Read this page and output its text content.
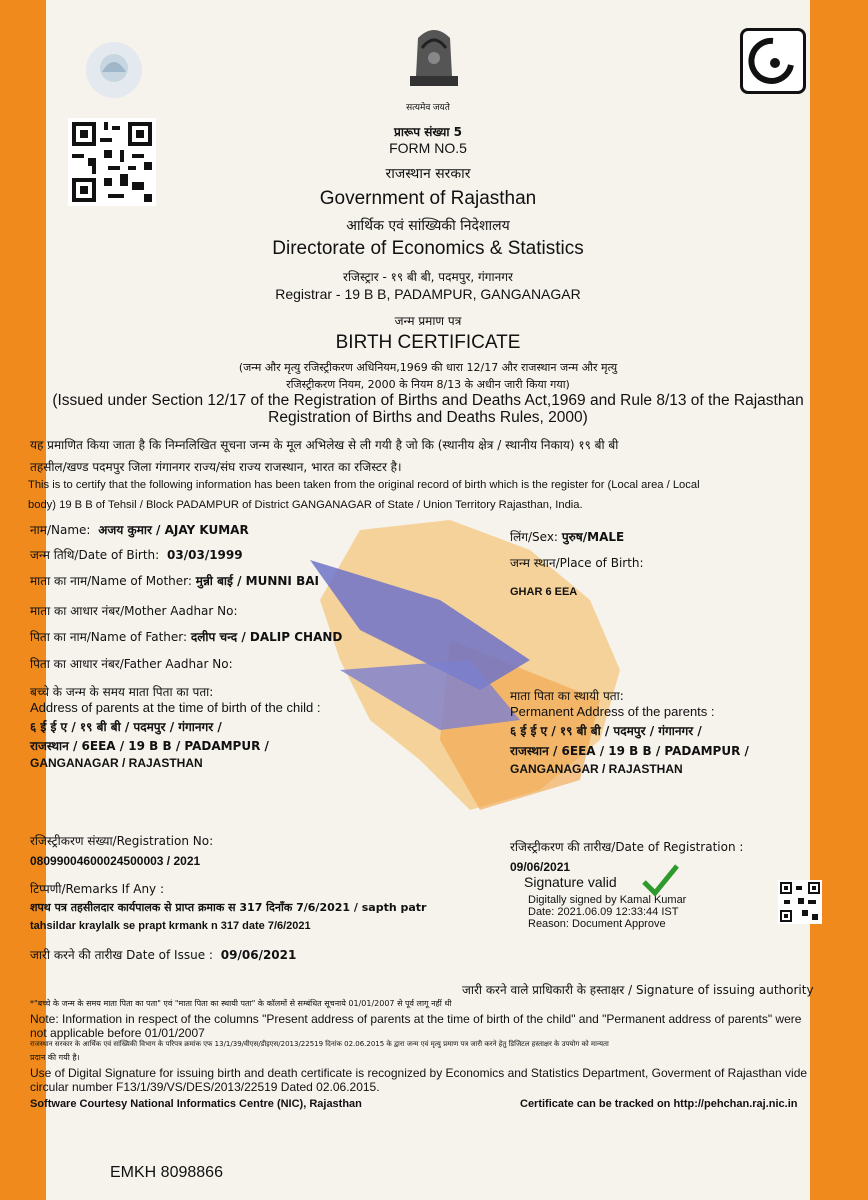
सत्यमेव जयते
प्रारूप संख्या 5
FORM NO.5
राजस्थान सरकार
Government of Rajasthan
आर्थिक एवं सांख्यिकी निदेशालय
Directorate of Economics & Statistics
रजिस्ट्रार - १९ बी बी, पदमपुर, गंगानगर
Registrar - 19 B B, PADAMPUR, GANGANAGAR
जन्म प्रमाण पत्र
BIRTH CERTIFICATE
(जन्म और मृत्यु रजिस्ट्रीकरण अधिनियम,1969 की धारा 12/17 और राजस्थान जन्म और मृत्यु
रजिस्ट्रीकरण नियम, 2000 के नियम 8/13 के अधीन जारी किया गया)
(Issued under Section 12/17 of the Registration of Births and Deaths Act,1969 and Rule 8/13 of the Rajasthan
Registration of Births and Deaths Rules, 2000)
यह प्रमाणित किया जाता है कि निम्नलिखित सूचना जन्म के मूल अभिलेख से ली गयी है जो कि (स्थानीय क्षेत्र / स्थानीय निकाय) १९ बी बी
तहसील/खण्ड पदमपुर जिला गंगानगर राज्य/संघ राज्य राजस्थान, भारत का रजिस्टर है।
This is to certify that the following information has been taken from the original record of birth which is the register for (Local area / Local
body) 19 B B of Tehsil / Block PADAMPUR of District GANGANAGAR of State / Union Territory Rajasthan, India.
नाम/Name: अजय कुमार / AJAY KUMAR
जन्म तिथि/Date of Birth: 03/03/1999
माता का नाम/Name of Mother: मुन्नी बाई / MUNNI BAI
माता का आधार नंबर/Mother Aadhar No:
पिता का नाम/Name of Father: दलीप चन्द / DALIP CHAND
पिता का आधार नंबर/Father Aadhar No:
बच्चे के जन्म के समय माता पिता का पता:
Address of parents at the time of birth of the child :
६ ई ई ए / १९ बी बी / पदमपुर / गंगानगर /
राजस्थान / 6EEA / 19 B B / PADAMPUR /
GANGANAGAR / RAJASTHAN
लिंग/Sex: पुरुष/MALE
जन्म स्थान/Place of Birth:
GHAR 6 EEA
माता पिता का स्थायी पता:
Permanent Address of the parents :
६ ई ई ए / १९ बी बी / पदमपुर / गंगानगर /
राजस्थान / 6EEA / 19 B B / PADAMPUR /
GANGANAGAR / RAJASTHAN
रजिस्ट्रीकरण संख्या/Registration No:
08099004600024500003 / 2021
रजिस्ट्रीकरण की तारीख/Date of Registration :
09/06/2021
टिप्पणी/Remarks If Any :
शपथ पत्र तहसीलदार कार्यपालक से प्राप्त क्रमाक स 317 दिनाँक 7/6/2021 / sapth patr
tahsildar kraylalk se prapt krmank n 317 date 7/6/2021
जारी करने की तारीख Date of Issue : 09/06/2021
Signature valid
Digitally signed by Kamal Kumar
Date: 2021.06.09 12:33:44 IST
Reason: Document Approve
जारी करने वाले प्राधिकारी के हस्ताक्षर / Signature of issuing authority
*"बच्चे के जन्म के समय माता पिता का पता" एवं "माता पिता का स्थायी पता" के कॉलमों से सम्बंधित सूचनाये 01/01/2007 से पूर्व लागू नहीं थी
Note: Information in respect of the columns "Present address of parents at the time of birth of the child" and "Permanent address of parents" were
not applicable before 01/01/2007
राजस्थान सरकार के आर्थिक एवं सांख्यिकी विभाग के परिपत्र क्रमांक एफ 13/1/39/वीएस/डीइएस/2013/22519 दिनांक 02.06.2015 के द्वारा जन्म एवं मृत्यु प्रमाण पत्र जारी करने हेतु डिजिटल हस्ताक्षर के उपयोग को मान्यता
प्रदान की गयी है।
Use of Digital Signature for issuing birth and death certificate is recognized by Economics and Statistics Department, Goverment of Rajasthan vide
circular number F13/1/39/VS/DES/2013/22519 Dated 02.06.2015.
Software Courtesy National Informatics Centre (NIC), Rajasthan	Certificate can be tracked on http://pehchan.raj.nic.in
EMKH 8098866
